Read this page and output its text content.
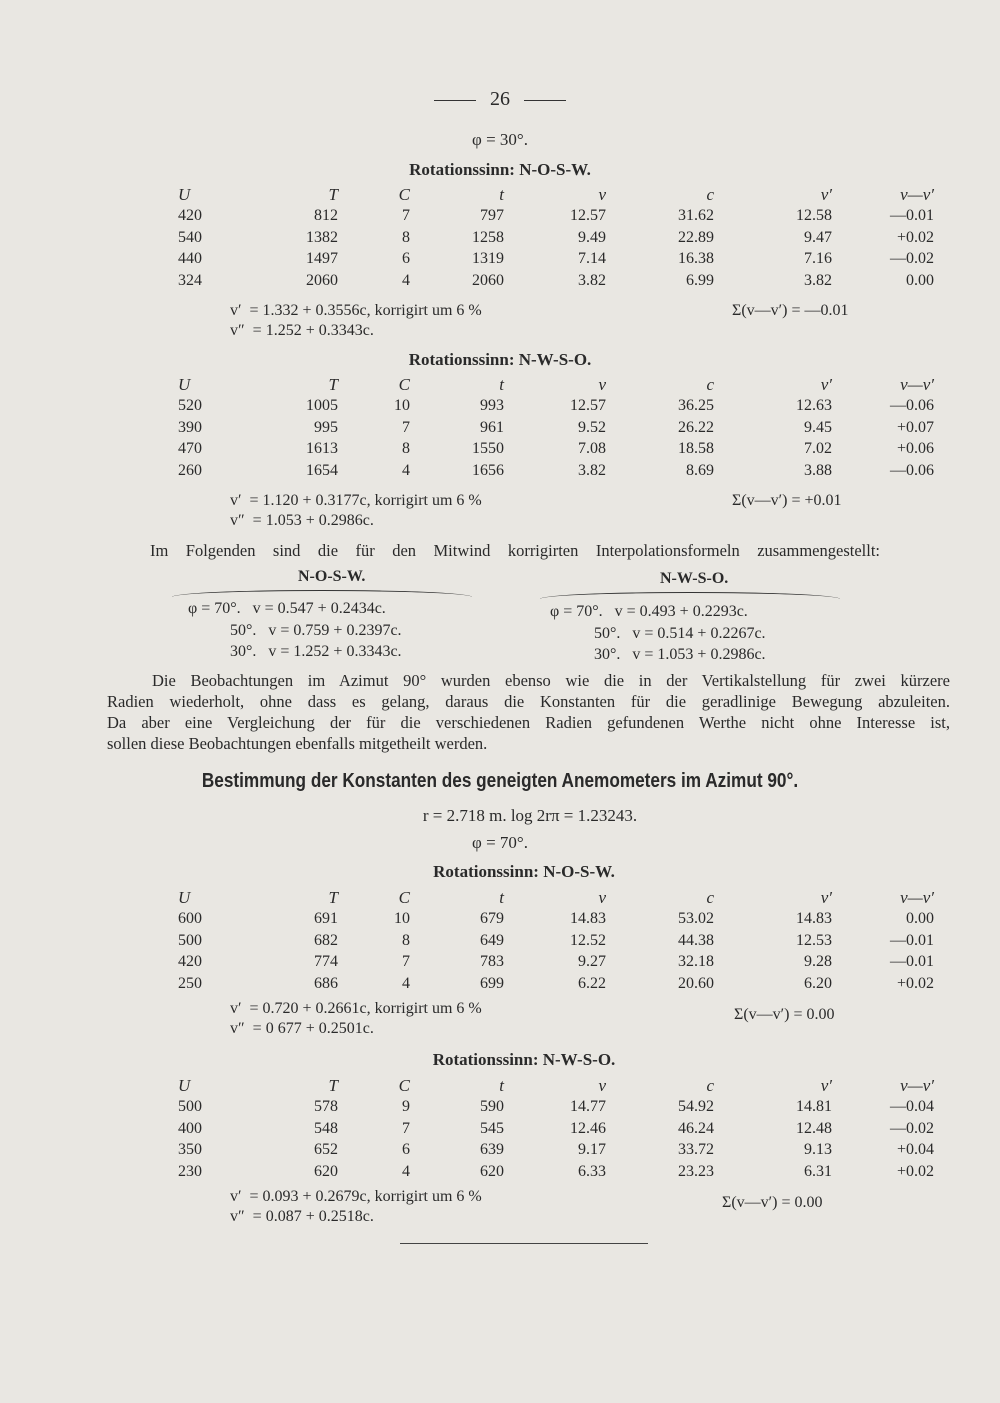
26
φ = 30°.
Rotationssinn: N-O-S-W.
U	T	C	t	v	c	v′	v—v′
420	812	7	797	12.57	31.62	12.58	—0.01
540	1382	8	1258	9.49	22.89	9.47	+0.02
440	1497	6	1319	7.14	16.38	7.16	—0.02
324	2060	4	2060	3.82	6.99	3.82	0.00
v′  = 1.332 + 0.3556c, korrigirt um 6 %
v″  = 1.252 + 0.3343c.
Σ(v—v′) = —0.01
Rotationssinn: N-W-S-O.
U	T	C	t	v	c	v′	v—v′
520	1005	10	993	12.57	36.25	12.63	—0.06
390	995	7	961	9.52	26.22	9.45	+0.07
470	1613	8	1550	7.08	18.58	7.02	+0.06
260	1654	4	1656	3.82	8.69	3.88	—0.06
v′  = 1.120 + 0.3177c, korrigirt um 6 %
v″  = 1.053 + 0.2986c.
Σ(v—v′) = +0.01
Im Folgenden sind die für den Mitwind korrigirten Interpolationsformeln zusammengestellt:
N-O-S-W.	N-W-S-O.
φ = 70°.   v = 0.547 + 0.2434c.
50°.   v = 0.759 + 0.2397c.
30°.   v = 1.252 + 0.3343c.
φ = 70°.   v = 0.493 + 0.2293c.
50°.   v = 0.514 + 0.2267c.
30°.   v = 1.053 + 0.2986c.
Die Beobachtungen im Azimut 90° wurden ebenso wie die in der Vertikalstellung für zwei kürzere
Radien wiederholt, ohne dass es gelang, daraus die Konstanten für die geradlinige Bewegung abzuleiten.
Da aber eine Vergleichung der für die verschiedenen Radien gefundenen Werthe nicht ohne Interesse ist,
sollen diese Beobachtungen ebenfalls mitgetheilt werden.
Bestimmung der Konstanten des geneigten Anemometers im Azimut 90°.
r = 2.718 m. log 2rπ = 1.23243.
φ = 70°.
Rotationssinn: N-O-S-W.
U	T	C	t	v	c	v′	v—v′
600	691	10	679	14.83	53.02	14.83	0.00
500	682	8	649	12.52	44.38	12.53	—0.01
420	774	7	783	9.27	32.18	9.28	—0.01
250	686	4	699	6.22	20.60	6.20	+0.02
v′  = 0.720 + 0.2661c, korrigirt um 6 %
v″  = 0 677 + 0.2501c.
Σ(v—v′) = 0.00
Rotationssinn: N-W-S-O.
U	T	C	t	v	c	v′	v—v′
500	578	9	590	14.77	54.92	14.81	—0.04
400	548	7	545	12.46	46.24	12.48	—0.02
350	652	6	639	9.17	33.72	9.13	+0.04
230	620	4	620	6.33	23.23	6.31	+0.02
v′  = 0.093 + 0.2679c, korrigirt um 6 %
v″  = 0.087 + 0.2518c.
Σ(v—v′) = 0.00
